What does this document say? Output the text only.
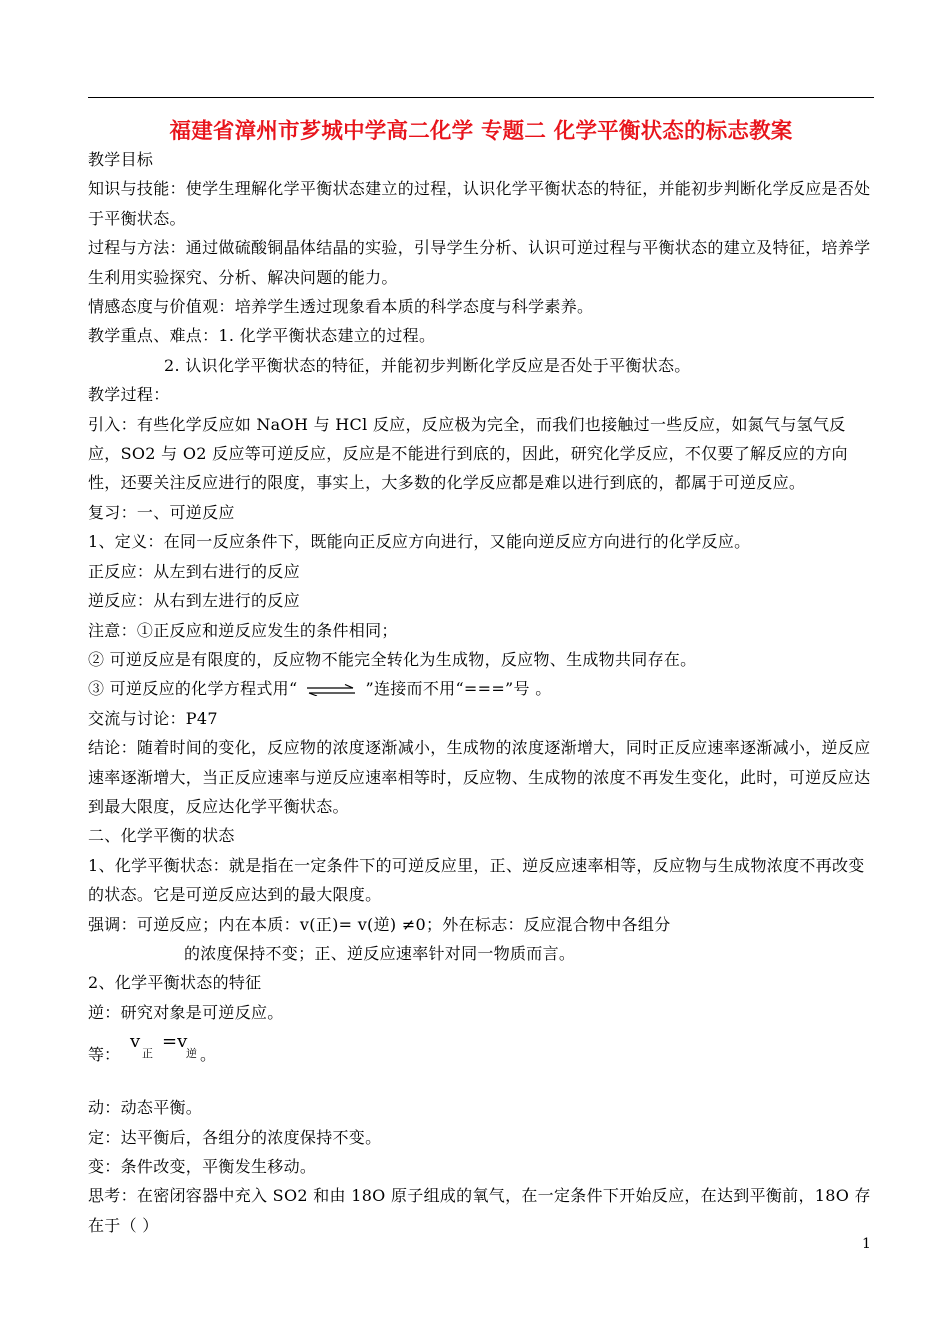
福建省漳州市芗城中学高二化学 专题二 化学平衡状态的标志教案

教学目标

知识与技能：使学生理解化学平衡状态建立的过程，认识化学平衡状态的特征，并能初步判断化学反应是否处于平衡状态。

过程与方法：通过做硫酸铜晶体结晶的实验，引导学生分析、认识可逆过程与平衡状态的建立及特征，培养学生利用实验探究、分析、解决问题的能力。

情感态度与价值观：培养学生透过现象看本质的科学态度与科学素养。

教学重点、难点：1. 化学平衡状态建立的过程。

2. 认识化学平衡状态的特征，并能初步判断化学反应是否处于平衡状态。

教学过程：

引入：有些化学反应如 NaOH 与 HCl 反应，反应极为完全，而我们也接触过一些反应，如氮气与氢气反应，SO2 与 O2 反应等可逆反应，反应是不能进行到底的，因此，研究化学反应，不仅要了解反应的方向性，还要关注反应进行的限度，事实上，大多数的化学反应都是难以进行到底的，都属于可逆反应。

复习：一、可逆反应

1、定义：在同一反应条件下，既能向正反应方向进行，又能向逆反应方向进行的化学反应。

正反应：从左到右进行的反应

逆反应：从右到左进行的反应

注意：①正反应和逆反应发生的条件相同；

② 可逆反应是有限度的，反应物不能完全转化为生成物，反应物、生成物共同存在。

③ 可逆反应的化学方程式用“ ⇌ ”连接而不用“===”号 。

交流与讨论：P47

结论：随着时间的变化，反应物的浓度逐渐减小，生成物的浓度逐渐增大，同时正反应速率逐渐减小，逆反应速率逐渐增大，当正反应速率与逆反应速率相等时，反应物、生成物的浓度不再发生变化，此时，可逆反应达到最大限度，反应达化学平衡状态。

二、化学平衡的状态

1、化学平衡状态：就是指在一定条件下的可逆反应里，正、逆反应速率相等，反应物与生成物浓度不再改变的状态。它是可逆反应达到的最大限度。

强调：可逆反应；内在本质：v(正)= v(逆) ≠0；外在标志：反应混合物中各组分

的浓度保持不变；正、逆反应速率针对同一物质而言。

2、化学平衡状态的特征

逆：研究对象是可逆反应。

等：
v
正
=v
逆 。

动：动态平衡。

定：达平衡后，各组分的浓度保持不变。

变：条件改变，平衡发生移动。

思考：在密闭容器中充入 SO2 和由 18O 原子组成的氧气，在一定条件下开始反应，在达到平衡前，18O 存在于（ ）

1
